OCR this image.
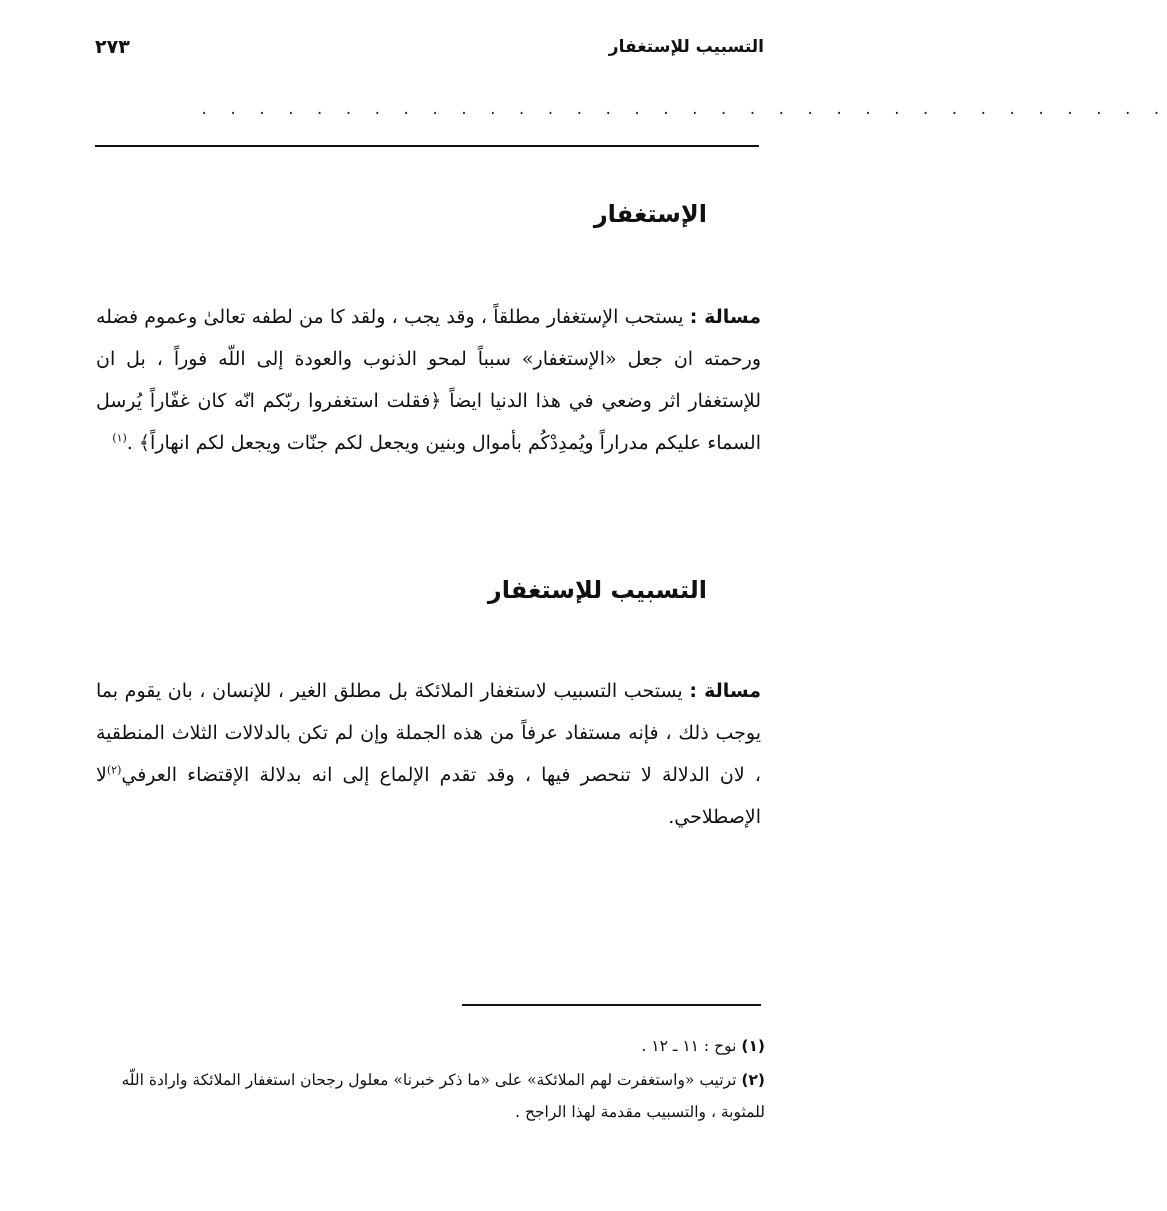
التسبيب للإستغفار
٢٧٣
· · · · · · · · · · · · · · · · · · · · · · · · · · · · · · · · · ·
الإستغفار

مسالة : يستحب الإستغفار مطلقاً ، وقد يجب ، ولقد كا من لطفه تعالىٰ وعموم فضله ورحمته ان جعل «الإستغفار» سبباً لمحو الذنوب والعودة إلى اللّه فوراً ، بل ان للإستغفار اثر وضعي في هذا الدنيا ايضاً ﴿فقلت استغفروا ربّكم انّه كان غفّاراً يُرسل السماء عليكم مدراراً ويُمدِدْكُم بأموال وبنين ويجعل لكم جنّات ويجعل لكم انهاراً﴾ .$^{(١)}$

التسبيب للإستغفار

مسالة : يستحب التسبيب لاستغفار الملائكة بل مطلق الغير ، للإنسان ، بان يقوم بما يوجب ذلك ، فإنه مستفاد عرفاً من هذه الجملة وإن لم تكن بالدلالات الثلاث المنطقية ، لان الدلالة لا تنحصر فيها ، وقد تقدم الإلماع إلى انه بدلالة الإقتضاء العرفي$^{(٢)}$لا الإصطلاحي.

(١) نوح : ١١ ـ ١٢ .

(٢) ترتيب «واستغفرت لهم الملائكة» على «ما ذكر خبرنا» معلول رجحان استغفار الملائكة وارادة اللّه للمثوبة ، والتسبيب مقدمة لهذا الراجح .
